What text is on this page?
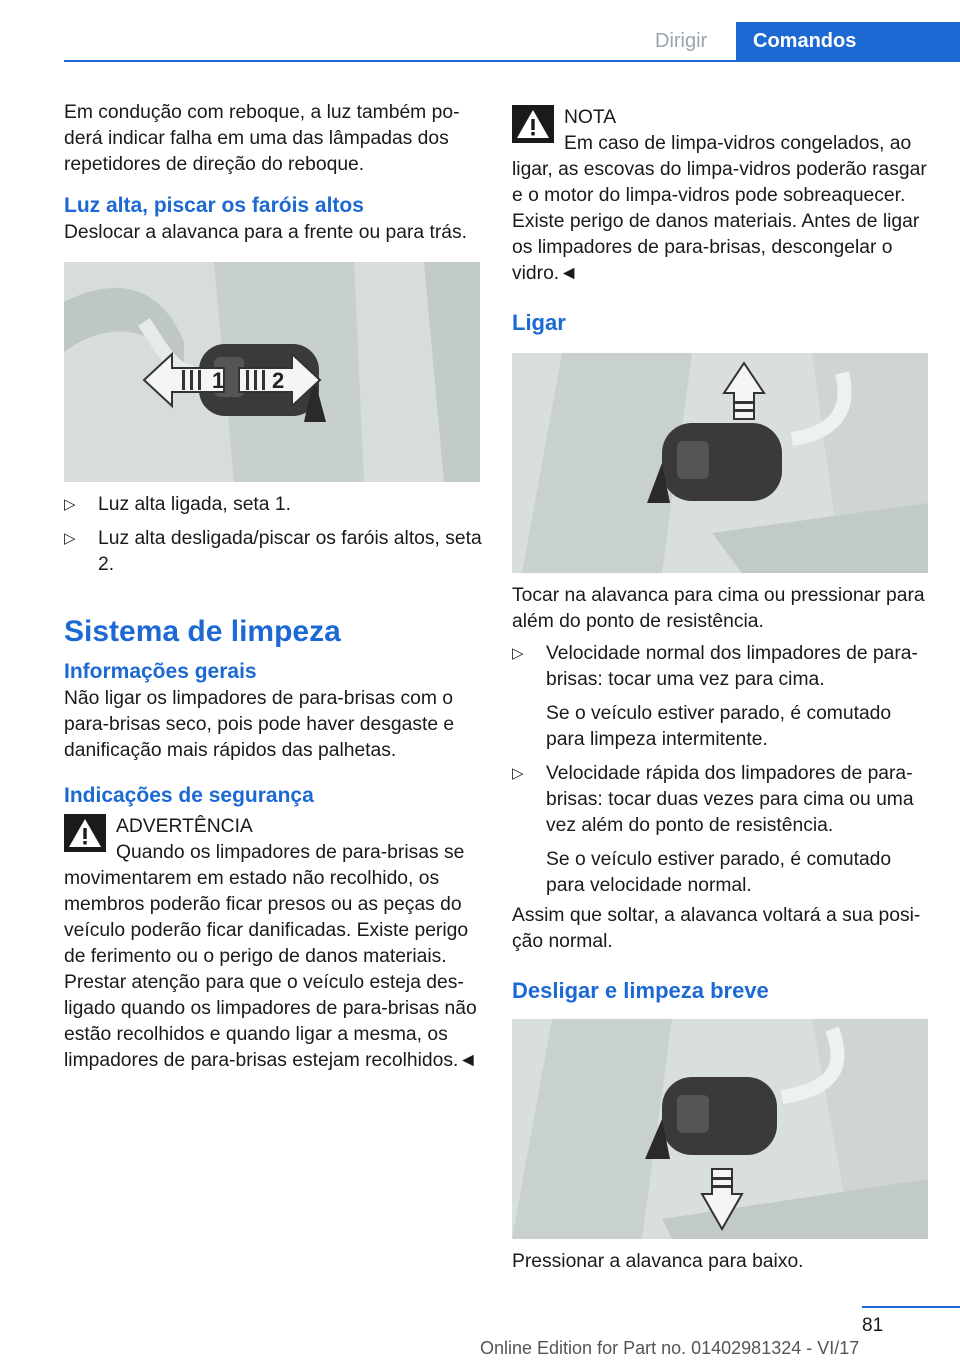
Dirigir Comandos

Em condução com reboque, a luz também poderá indicar falha em uma das lâmpadas dos repetidores de direção do reboque.

Luz alta, piscar os faróis altos

Deslocar a alavanca para a frente ou para trás.

1 2
▷	Luz alta ligada, seta 1.
▷	Luz alta desligada/piscar os faróis altos, seta 2.
Sistema de limpeza
Informações gerais

Não ligar os limpadores de para-brisas com o para-brisas seco, pois pode haver desgaste e danificação mais rápidos das palhetas.

Indicações de segurança
ADVERTÊNCIA

Quando os limpadores de para-brisas se movimentarem em estado não recolhido, os membros poderão ficar presos ou as peças do veículo poderão ficar danificadas. Existe perigo de ferimento ou o perigo de danos materiais. Prestar atenção para que o veículo esteja desligado quando os limpadores de para-brisas não estão recolhidos e quando ligar a mesma, os limpadores de para-brisas estejam recolhidos.◄

NOTA

Em caso de limpa-vidros congelados, ao ligar, as escovas do limpa-vidros poderão rasgar e o motor do limpa-vidros pode sobreaquecer. Existe perigo de danos materiais. Antes de ligar os limpadores de para-brisas, descongelar o vidro.◄

Ligar

Tocar na alavanca para cima ou pressionar para além do ponto de resistência.

▷	Velocidade normal dos limpadores de para-brisas: tocar uma vez para cima.

Se o veículo estiver parado, é comutado para limpeza intermitente.

▷	Velocidade rápida dos limpadores de para-brisas: tocar duas vezes para cima ou uma vez além do ponto de resistência.

Se o veículo estiver parado, é comutado para velocidade normal.

Assim que soltar, a alavanca voltará a sua posição normal.

Desligar e limpeza breve

Pressionar a alavanca para baixo.

81
Online Edition for Part no. 01402981324 - VI/17
